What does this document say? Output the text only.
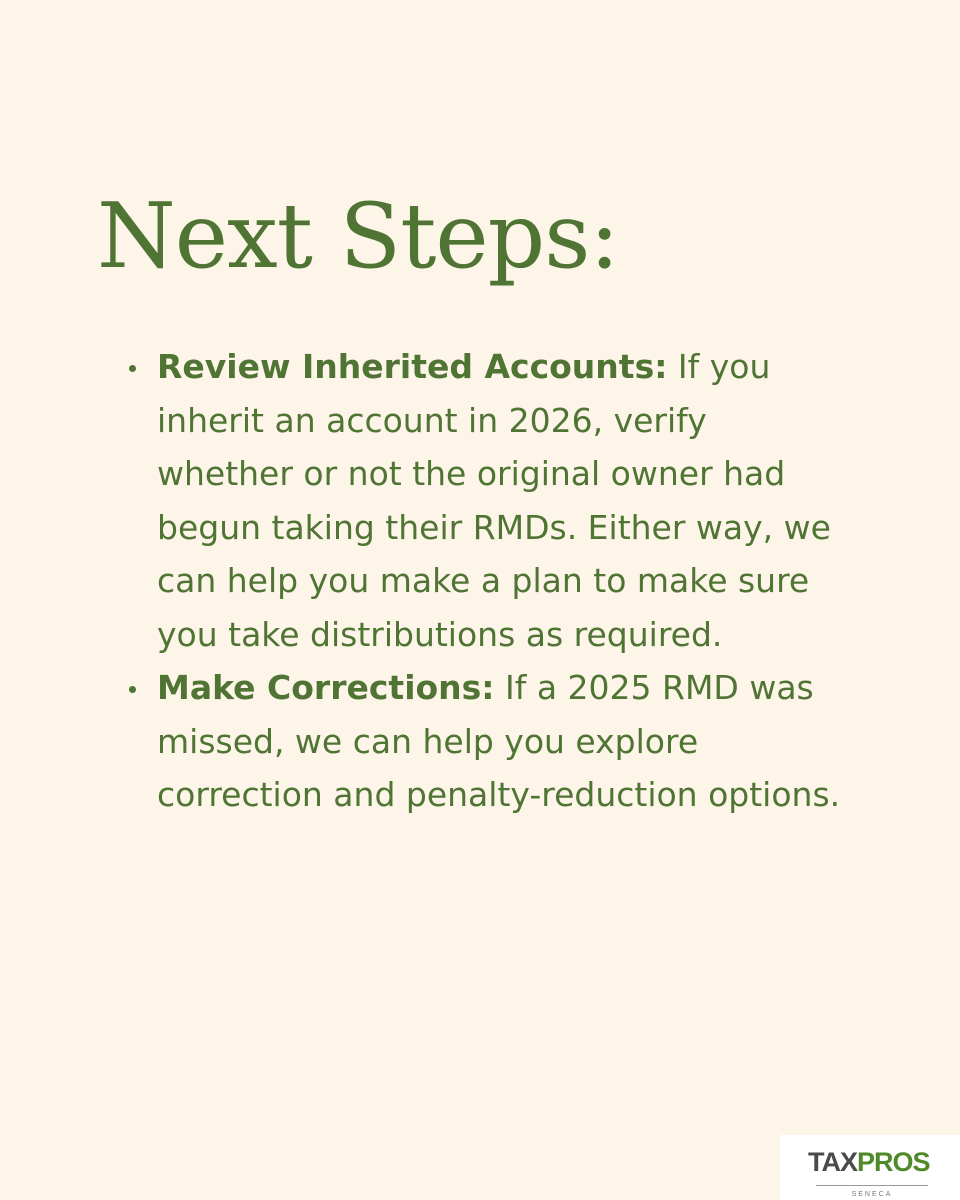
Next Steps:
Review Inherited Accounts: If you inherit an account in 2026, verify whether or not the original owner had begun taking their RMDs. Either way, we can help you make a plan to make sure you take distributions as required.
Make Corrections: If a 2025 RMD was missed, we can help you explore correction and penalty-reduction options.
TAXPROS
SENECA
